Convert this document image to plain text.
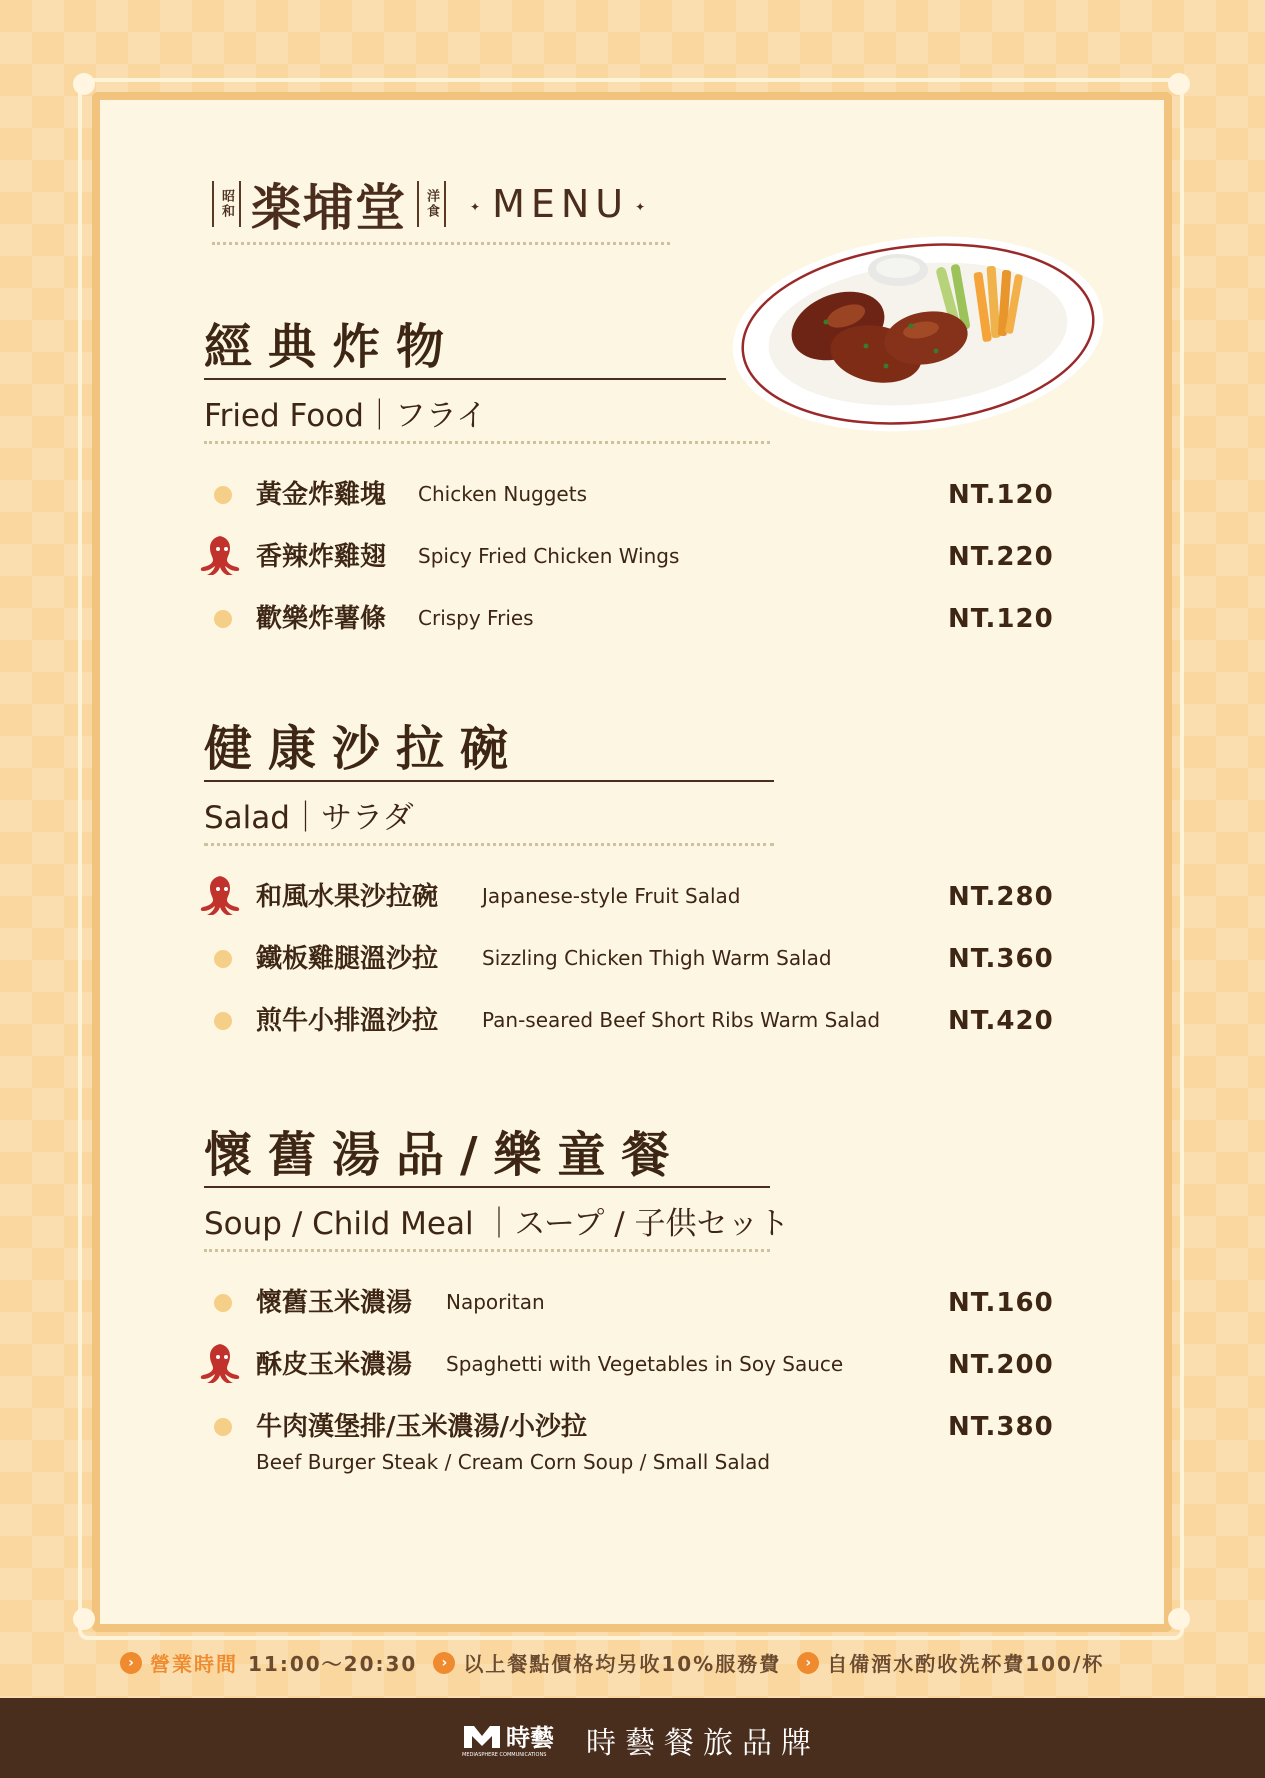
昭和 楽埔堂	洋食	✦ MENU ✦
經典炸物
Fried Food｜フライ
黃金炸雞塊 Chicken Nuggets	NT.120
香辣炸雞翅 Spicy Fried Chicken Wings	NT.220
歡樂炸薯條 Crispy Fries	NT.120
健康沙拉碗
Salad｜サラダ
和風水果沙拉碗 Japanese-style Fruit Salad	NT.280
鐵板雞腿溫沙拉 Sizzling Chicken Thigh Warm Salad	NT.360
煎牛小排溫沙拉 Pan-seared Beef Short Ribs Warm Salad	NT.420
懷舊湯品/樂童餐
Soup / Child Meal ｜スープ / 子供セット
懷舊玉米濃湯 Naporitan	NT.160
酥皮玉米濃湯 Spaghetti with Vegetables in Soy Sauce	NT.200
牛肉漢堡排/玉米濃湯/小沙拉
Beef Burger Steak / Cream Corn Soup / Small Salad
NT.380
› 營業時間 11:00～20:30	› 以上餐點價格均另收10%服務費	› 自備酒水酌收洗杯費100/杯
時藝
MEDIASPHERE COMMUNICATIONS 時藝餐旅品牌
